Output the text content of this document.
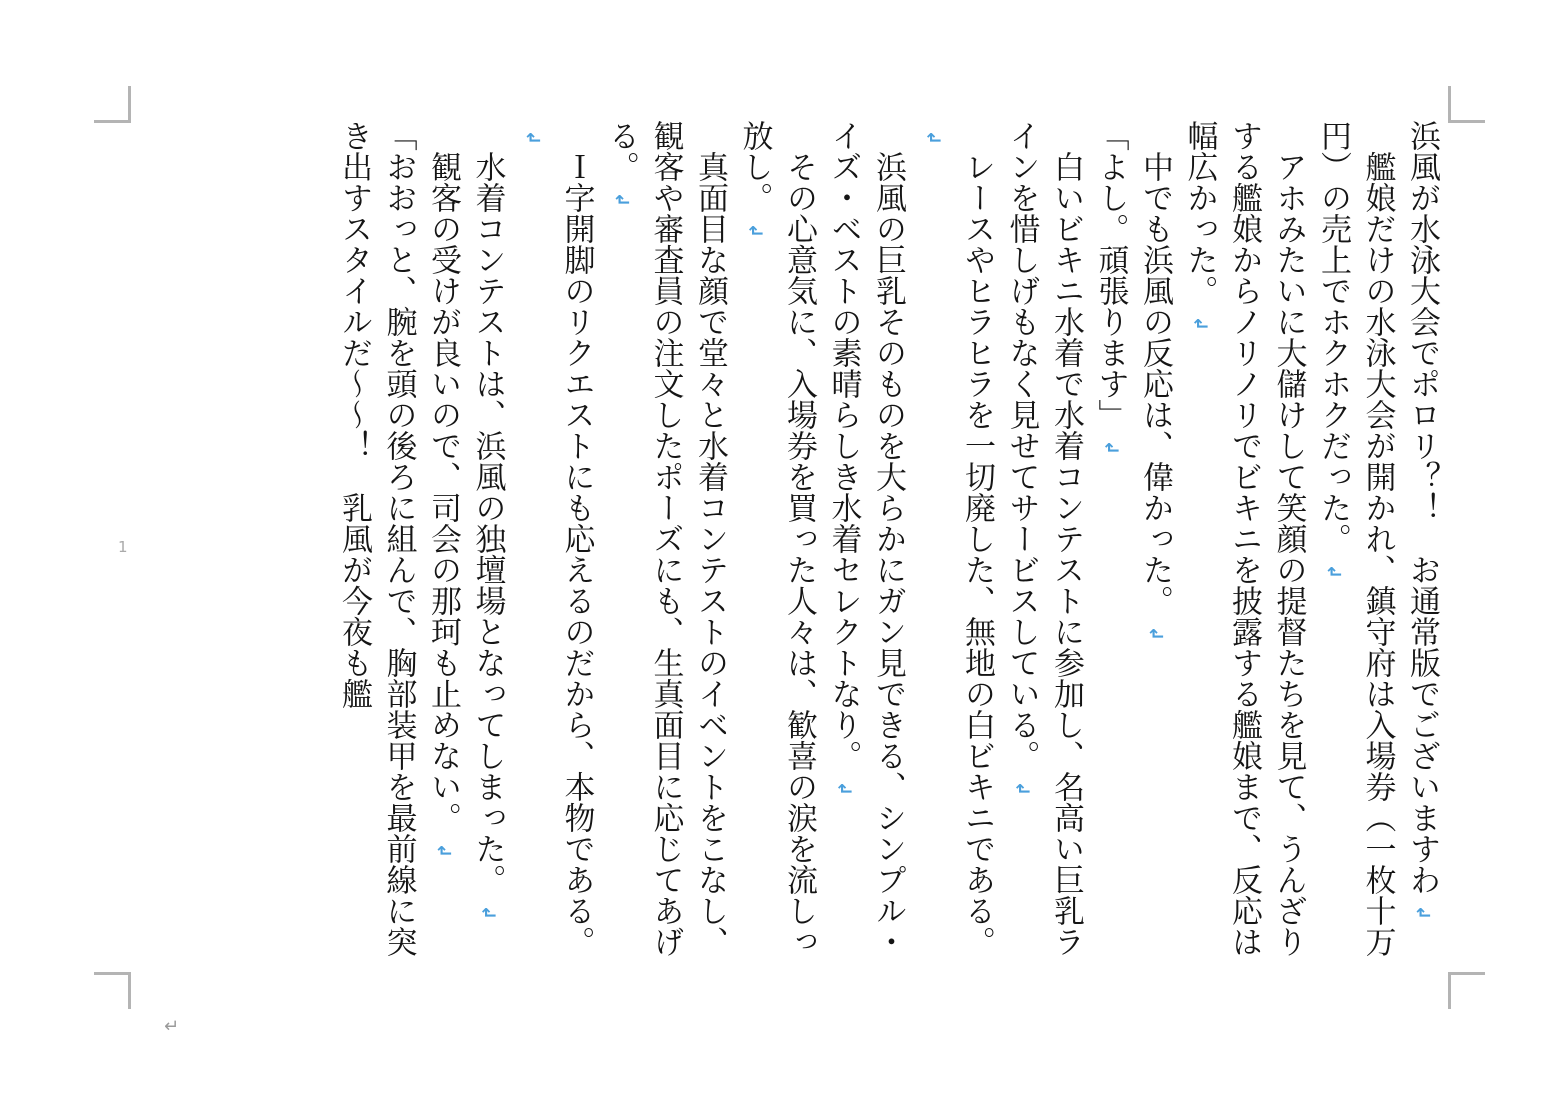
浜風が水泳大会でポロリ？！　お通常版でございますわ↲

　艦娘だけの水泳大会が開かれ、鎮守府は入場券（一枚十万円）の売上でホクホクだった。↲

　アホみたいに大儲けして笑顔の提督たちを見て、うんざりする艦娘からノリノリでビキニを披露する艦娘まで、反応は幅広かった。↲

　中でも浜風の反応は、偉かった。↲

「よし。頑張ります」↲

　白いビキニ水着で水着コンテストに参加し、名高い巨乳ラインを惜しげもなく見せてサービスしている。↲

　レースやヒラヒラを一切廃した、無地の白ビキニである。↲

　浜風の巨乳そのものを大らかにガン見できる、シンプル・イズ・ベストの素晴らしき水着セレクトなり。↲

　その心意気に、入場券を買った人々は、歓喜の涙を流しっ放し。↲

　真面目な顔で堂々と水着コンテストのイベントをこなし、観客や審査員の注文したポーズにも、生真面目に応じてあげる。↲

　Ｉ字開脚のリクエストにも応えるのだから、本物である。↲

　水着コンテストは、浜風の独壇場となってしまった。↲

　観客の受けが良いので、司会の那珂も止めない。↲

「おおっと、腕を頭の後ろに組んで、胸部装甲を最前線に突き出すスタイルだ～～！　乳風が今夜も艦

1
↵
